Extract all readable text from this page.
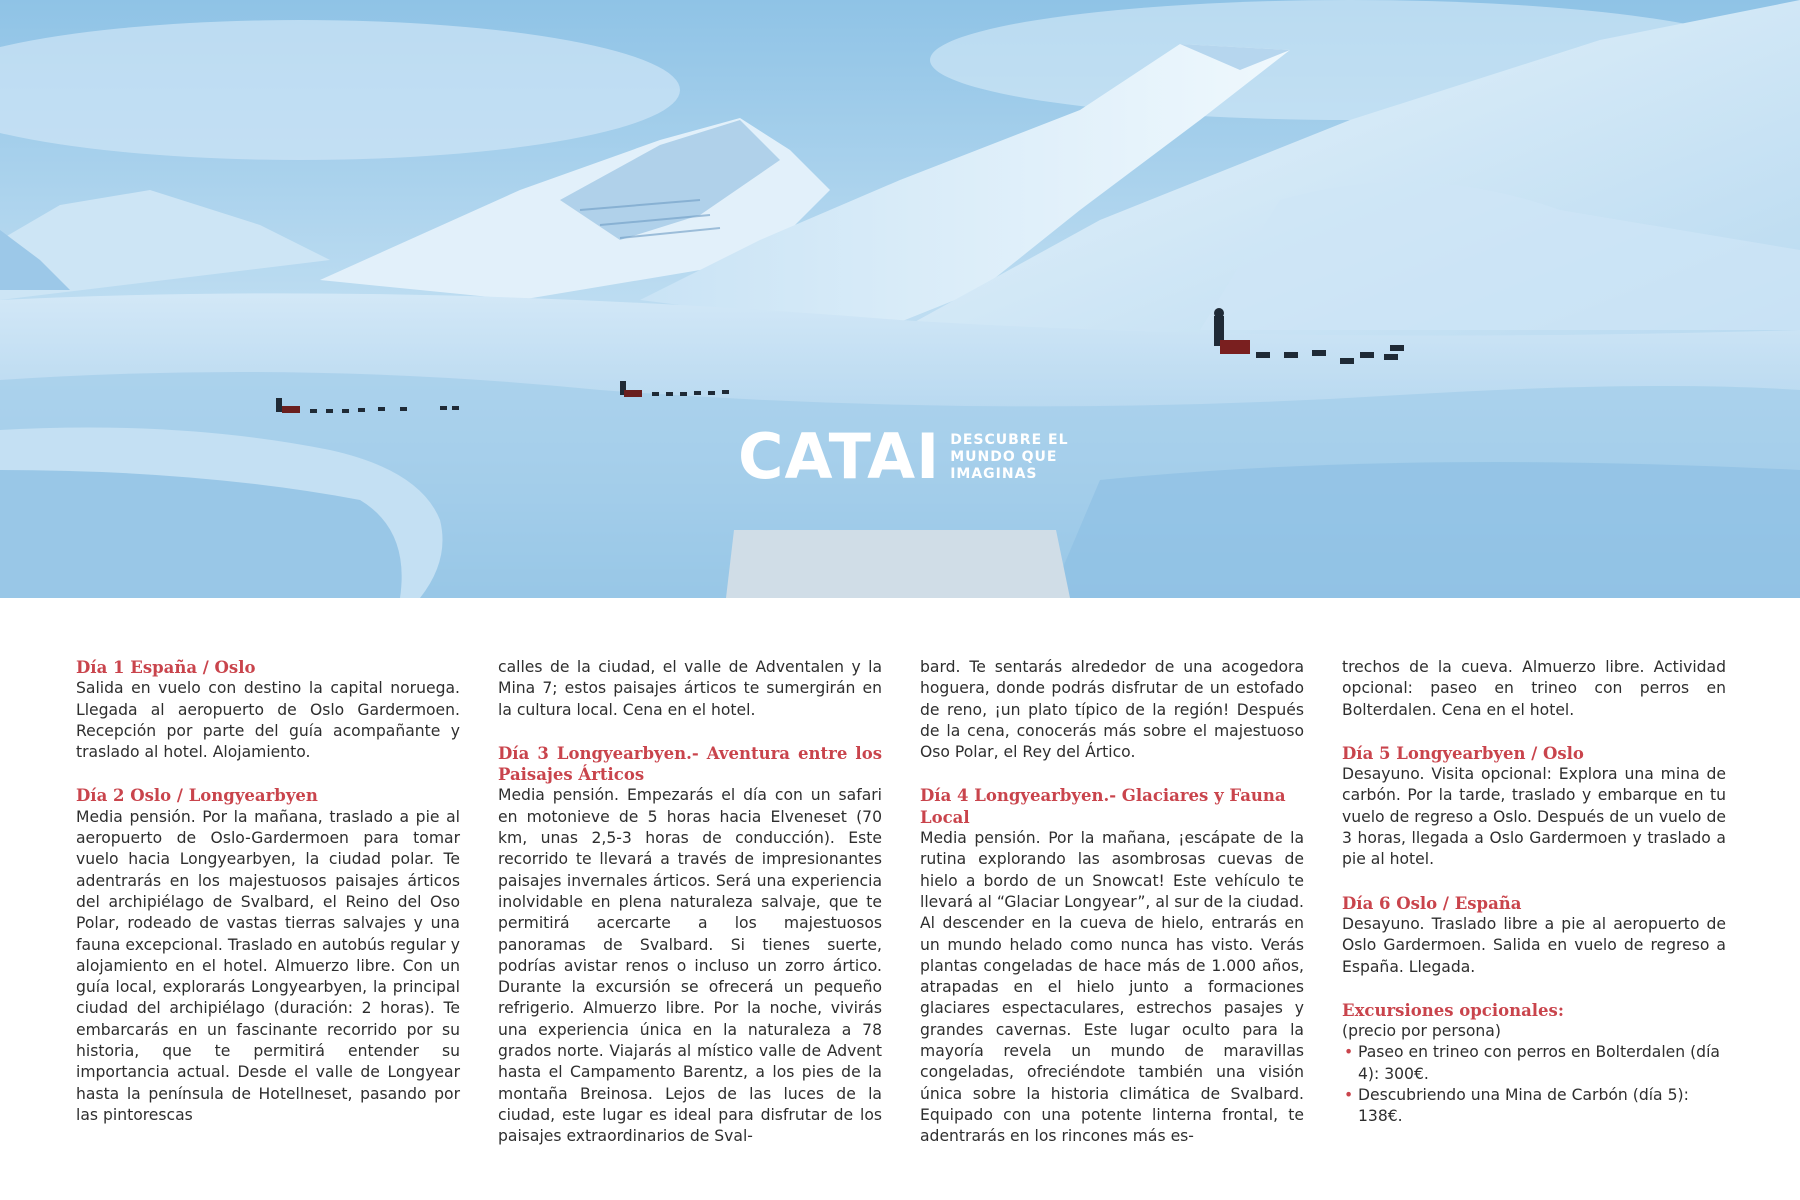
CATAI DESCUBRE EL
MUNDO QUE
IMAGINAS
Día 1 España / Oslo
Salida en vuelo con destino la capital noruega. Llegada al aeropuerto de Oslo Gardermoen. Recepción por parte del guía acompañante y traslado al hotel. Alojamiento.
Día 2 Oslo / Longyearbyen
Media pensión. Por la mañana, traslado a pie al aeropuerto de Oslo-Gardermoen para tomar vuelo hacia Longyearbyen, la ciudad polar. Te adentrarás en los majestuosos paisajes árticos del archipiélago de Svalbard, el Reino del Oso Polar, rodeado de vastas tierras salvajes y una fauna excepcional. Traslado en autobús regular y alojamiento en el hotel. Almuerzo libre. Con un guía local, explorarás Longyearbyen, la principal ciudad del archipiélago (duración: 2 horas). Te embarcarás en un fascinante recorrido por su historia, que te permitirá entender su importancia actual. Desde el valle de Longyear hasta la península de Hotellneset, pasando por las pintorescas
calles de la ciudad, el valle de Adventalen y la Mina 7; estos paisajes árticos te sumergirán en la cultura local. Cena en el hotel.
Día 3 Longyearbyen.- Aventura entre los Paisajes Árticos
Media pensión. Empezarás el día con un safari en motonieve de 5 horas hacia Elveneset (70 km, unas 2,5-3 horas de conducción). Este recorrido te llevará a través de impresionantes paisajes invernales árticos. Será una experiencia inolvidable en plena naturaleza salvaje, que te permitirá acercarte a los majestuosos panoramas de Svalbard. Si tienes suerte, podrías avistar renos o incluso un zorro ártico. Durante la excursión se ofrecerá un pequeño refrigerio. Almuerzo libre. Por la noche, vivirás una experiencia única en la naturaleza a 78 grados norte. Viajarás al místico valle de Advent hasta el Campamento Barentz, a los pies de la montaña Breinosa. Lejos de las luces de la ciudad, este lugar es ideal para disfrutar de los paisajes extraordinarios de Sval-
bard. Te sentarás alrededor de una acogedora hoguera, donde podrás disfrutar de un estofado de reno, ¡un plato típico de la región! Después de la cena, conocerás más sobre el majestuoso Oso Polar, el Rey del Ártico.
Día 4 Longyearbyen.- Glaciares y Fauna Local
Media pensión. Por la mañana, ¡escápate de la rutina explorando las asombrosas cuevas de hielo a bordo de un Snowcat! Este vehículo te llevará al “Glaciar Longyear”, al sur de la ciudad. Al descender en la cueva de hielo, entrarás en un mundo helado como nunca has visto. Verás plantas congeladas de hace más de 1.000 años, atrapadas en el hielo junto a formaciones glaciares espectaculares, estrechos pasajes y grandes cavernas. Este lugar oculto para la mayoría revela un mundo de maravillas congeladas, ofreciéndote también una visión única sobre la historia climática de Svalbard. Equipado con una potente linterna frontal, te adentrarás en los rincones más es-
trechos de la cueva. Almuerzo libre. Actividad opcional: paseo en trineo con perros en Bolterdalen. Cena en el hotel.
Día 5 Longyearbyen / Oslo
Desayuno. Visita opcional: Explora una mina de carbón. Por la tarde, traslado y embarque en tu vuelo de regreso a Oslo. Después de un vuelo de 3 horas, llegada a Oslo Gardermoen y traslado a pie al hotel.
Día 6 Oslo / España
Desayuno. Traslado libre a pie al aeropuerto de Oslo Gardermoen. Salida en vuelo de regreso a España. Llegada.
Excursiones opcionales:
(precio por persona)
• Paseo en trineo con perros en Bolterdalen (día 4): 300€.
• Descubriendo una Mina de Carbón (día 5): 138€.
